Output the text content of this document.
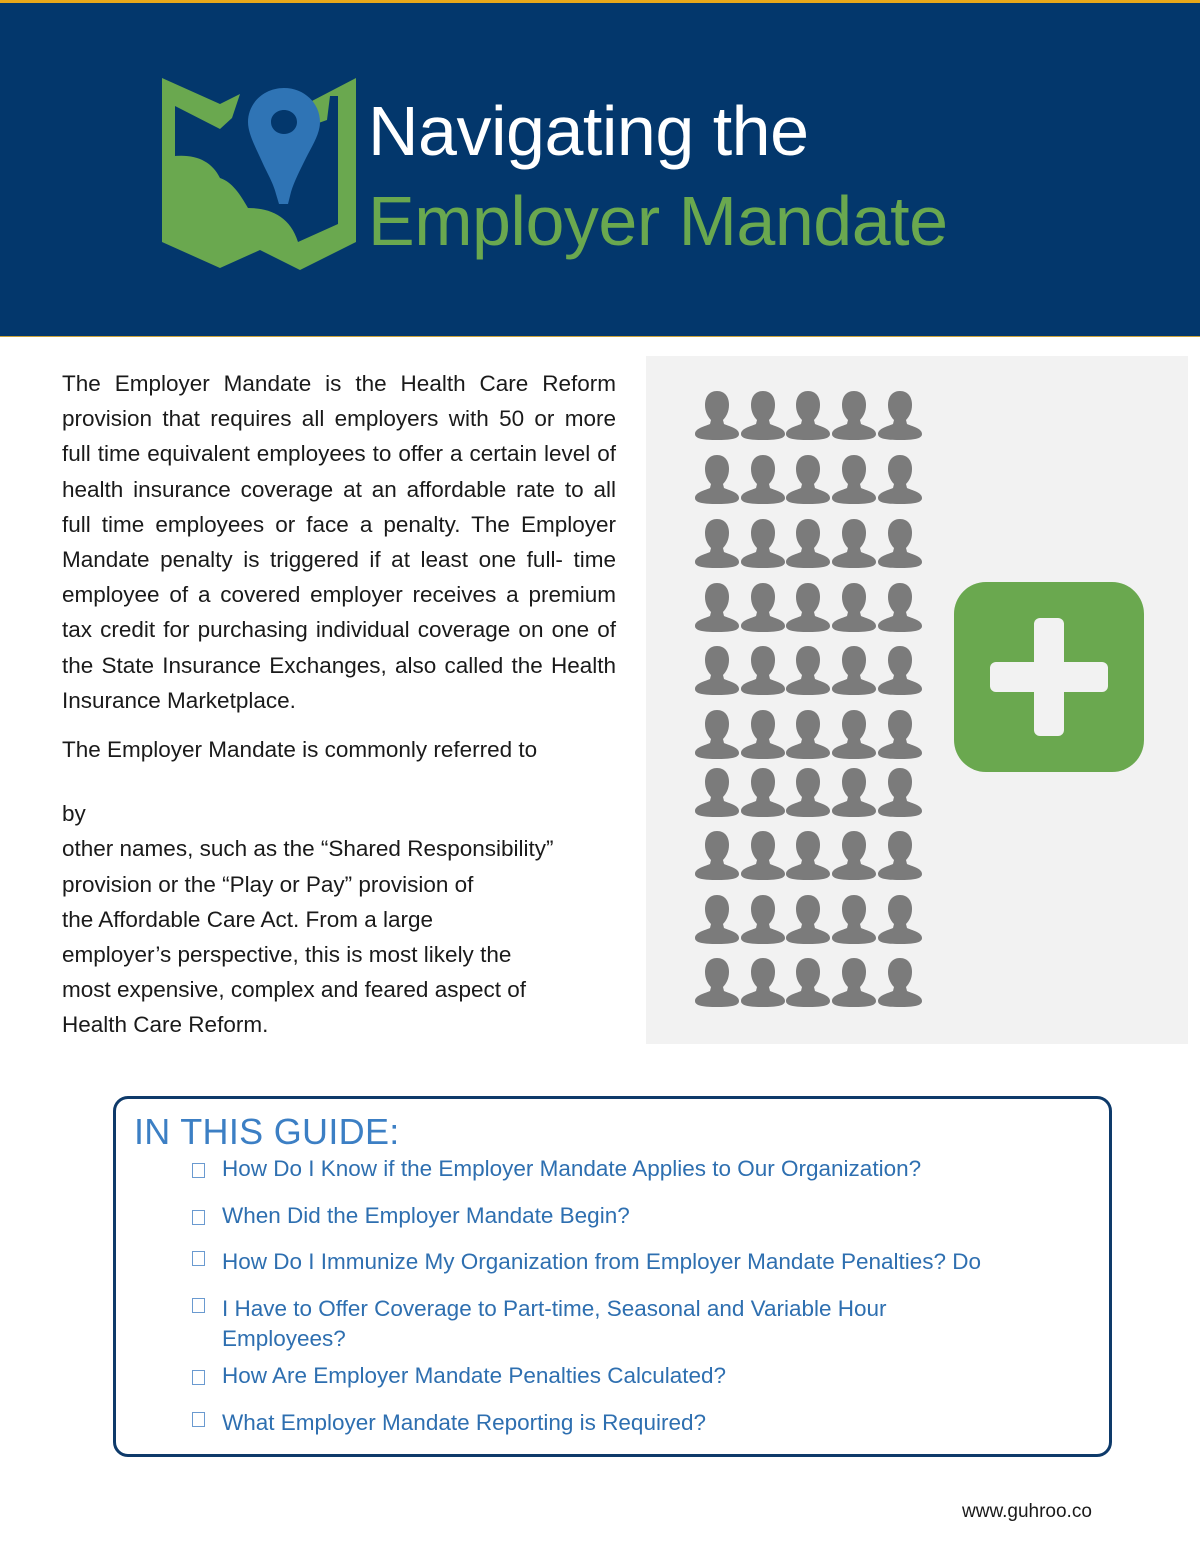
Navigating the
Employer Mandate

The Employer Mandate is the Health Care Reform provision that requires all employers with 50 or more full time equivalent employees to offer a certain level of health insurance coverage at an affordable rate to all full time employees or face a penalty. The Employer Mandate penalty is triggered if at least one full- time employee of a covered employer receives a premium tax credit for purchasing individual coverage on one of the State Insurance Exchanges, also called the Health Insurance Marketplace.

The Employer Mandate is commonly referred to

by

other names, such as the “Shared Responsibility”

provision or the “Play or Pay” provision of

the Affordable Care Act. From a large

employer’s perspective, this is most likely the

most expensive, complex and feared aspect of

Health Care Reform.

IN THIS GUIDE:
How Do I Know if the Employer Mandate Applies to Our Organization?
When Did the Employer Mandate Begin?
How Do I Immunize My Organization from Employer Mandate Penalties? Do
I Have to Offer Coverage to Part-time, Seasonal and Variable Hour Employees?
How Are Employer Mandate Penalties Calculated?
What Employer Mandate Reporting is Required?
www.guhroo.co
